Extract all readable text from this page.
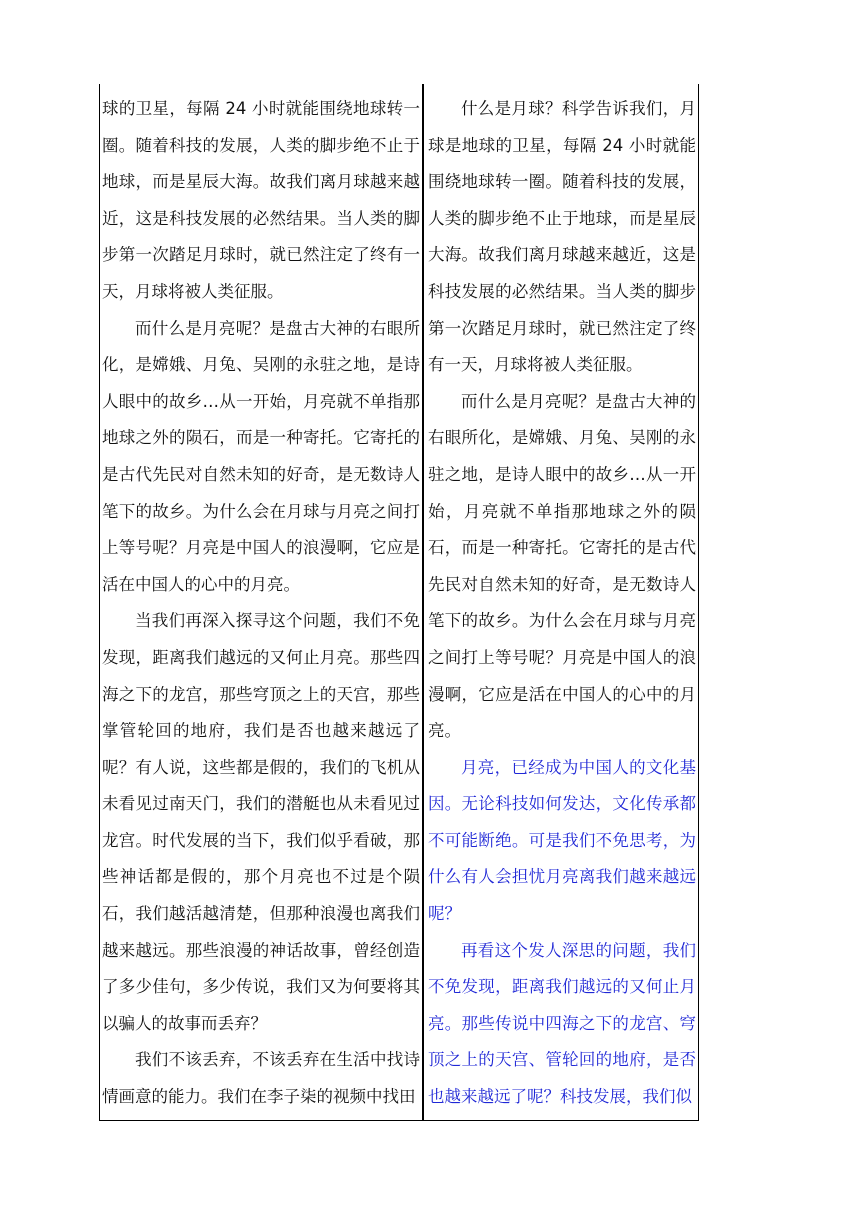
球的卫星，每隔 24 小时就能围绕地球转一圈。随着科技的发展，人类的脚步绝不止于地球，而是星辰大海。故我们离月球越来越近，这是科技发展的必然结果。当人类的脚步第一次踏足月球时，就已然注定了终有一天，月球将被人类征服。

而什么是月亮呢？是盘古大神的右眼所化，是嫦娥、月兔、吴刚的永驻之地，是诗人眼中的故乡…从一开始，月亮就不单指那地球之外的陨石，而是一种寄托。它寄托的是古代先民对自然未知的好奇，是无数诗人笔下的故乡。为什么会在月球与月亮之间打上等号呢？月亮是中国人的浪漫啊，它应是活在中国人的心中的月亮。

当我们再深入探寻这个问题，我们不免发现，距离我们越远的又何止月亮。那些四海之下的龙宫，那些穹顶之上的天宫，那些掌管轮回的地府，我们是否也越来越远了呢？有人说，这些都是假的，我们的飞机从未看见过南天门，我们的潜艇也从未看见过龙宫。时代发展的当下，我们似乎看破，那些神话都是假的，那个月亮也不过是个陨石，我们越活越清楚，但那种浪漫也离我们越来越远。那些浪漫的神话故事，曾经创造了多少佳句，多少传说，我们又为何要将其以骗人的故事而丢弃？

我们不该丢弃，不该丢弃在生活中找诗情画意的能力。我们在李子柒的视频中找田

什么是月球？科学告诉我们，月球是地球的卫星，每隔 24 小时就能围绕地球转一圈。随着科技的发展，人类的脚步绝不止于地球，而是星辰大海。故我们离月球越来越近，这是科技发展的必然结果。当人类的脚步第一次踏足月球时，就已然注定了终有一天，月球将被人类征服。

而什么是月亮呢？是盘古大神的右眼所化，是嫦娥、月兔、吴刚的永驻之地，是诗人眼中的故乡…从一开始，月亮就不单指那地球之外的陨石，而是一种寄托。它寄托的是古代先民对自然未知的好奇，是无数诗人笔下的故乡。为什么会在月球与月亮之间打上等号呢？月亮是中国人的浪漫啊，它应是活在中国人的心中的月亮。

月亮，已经成为中国人的文化基因。无论科技如何发达，文化传承都不可能断绝。可是我们不免思考，为什么有人会担忧月亮离我们越来越远呢？

再看这个发人深思的问题，我们不免发现，距离我们越远的又何止月亮。那些传说中四海之下的龙宫、穹顶之上的天宫、管轮回的地府，是否也越来越远了呢？科技发展，我们似
